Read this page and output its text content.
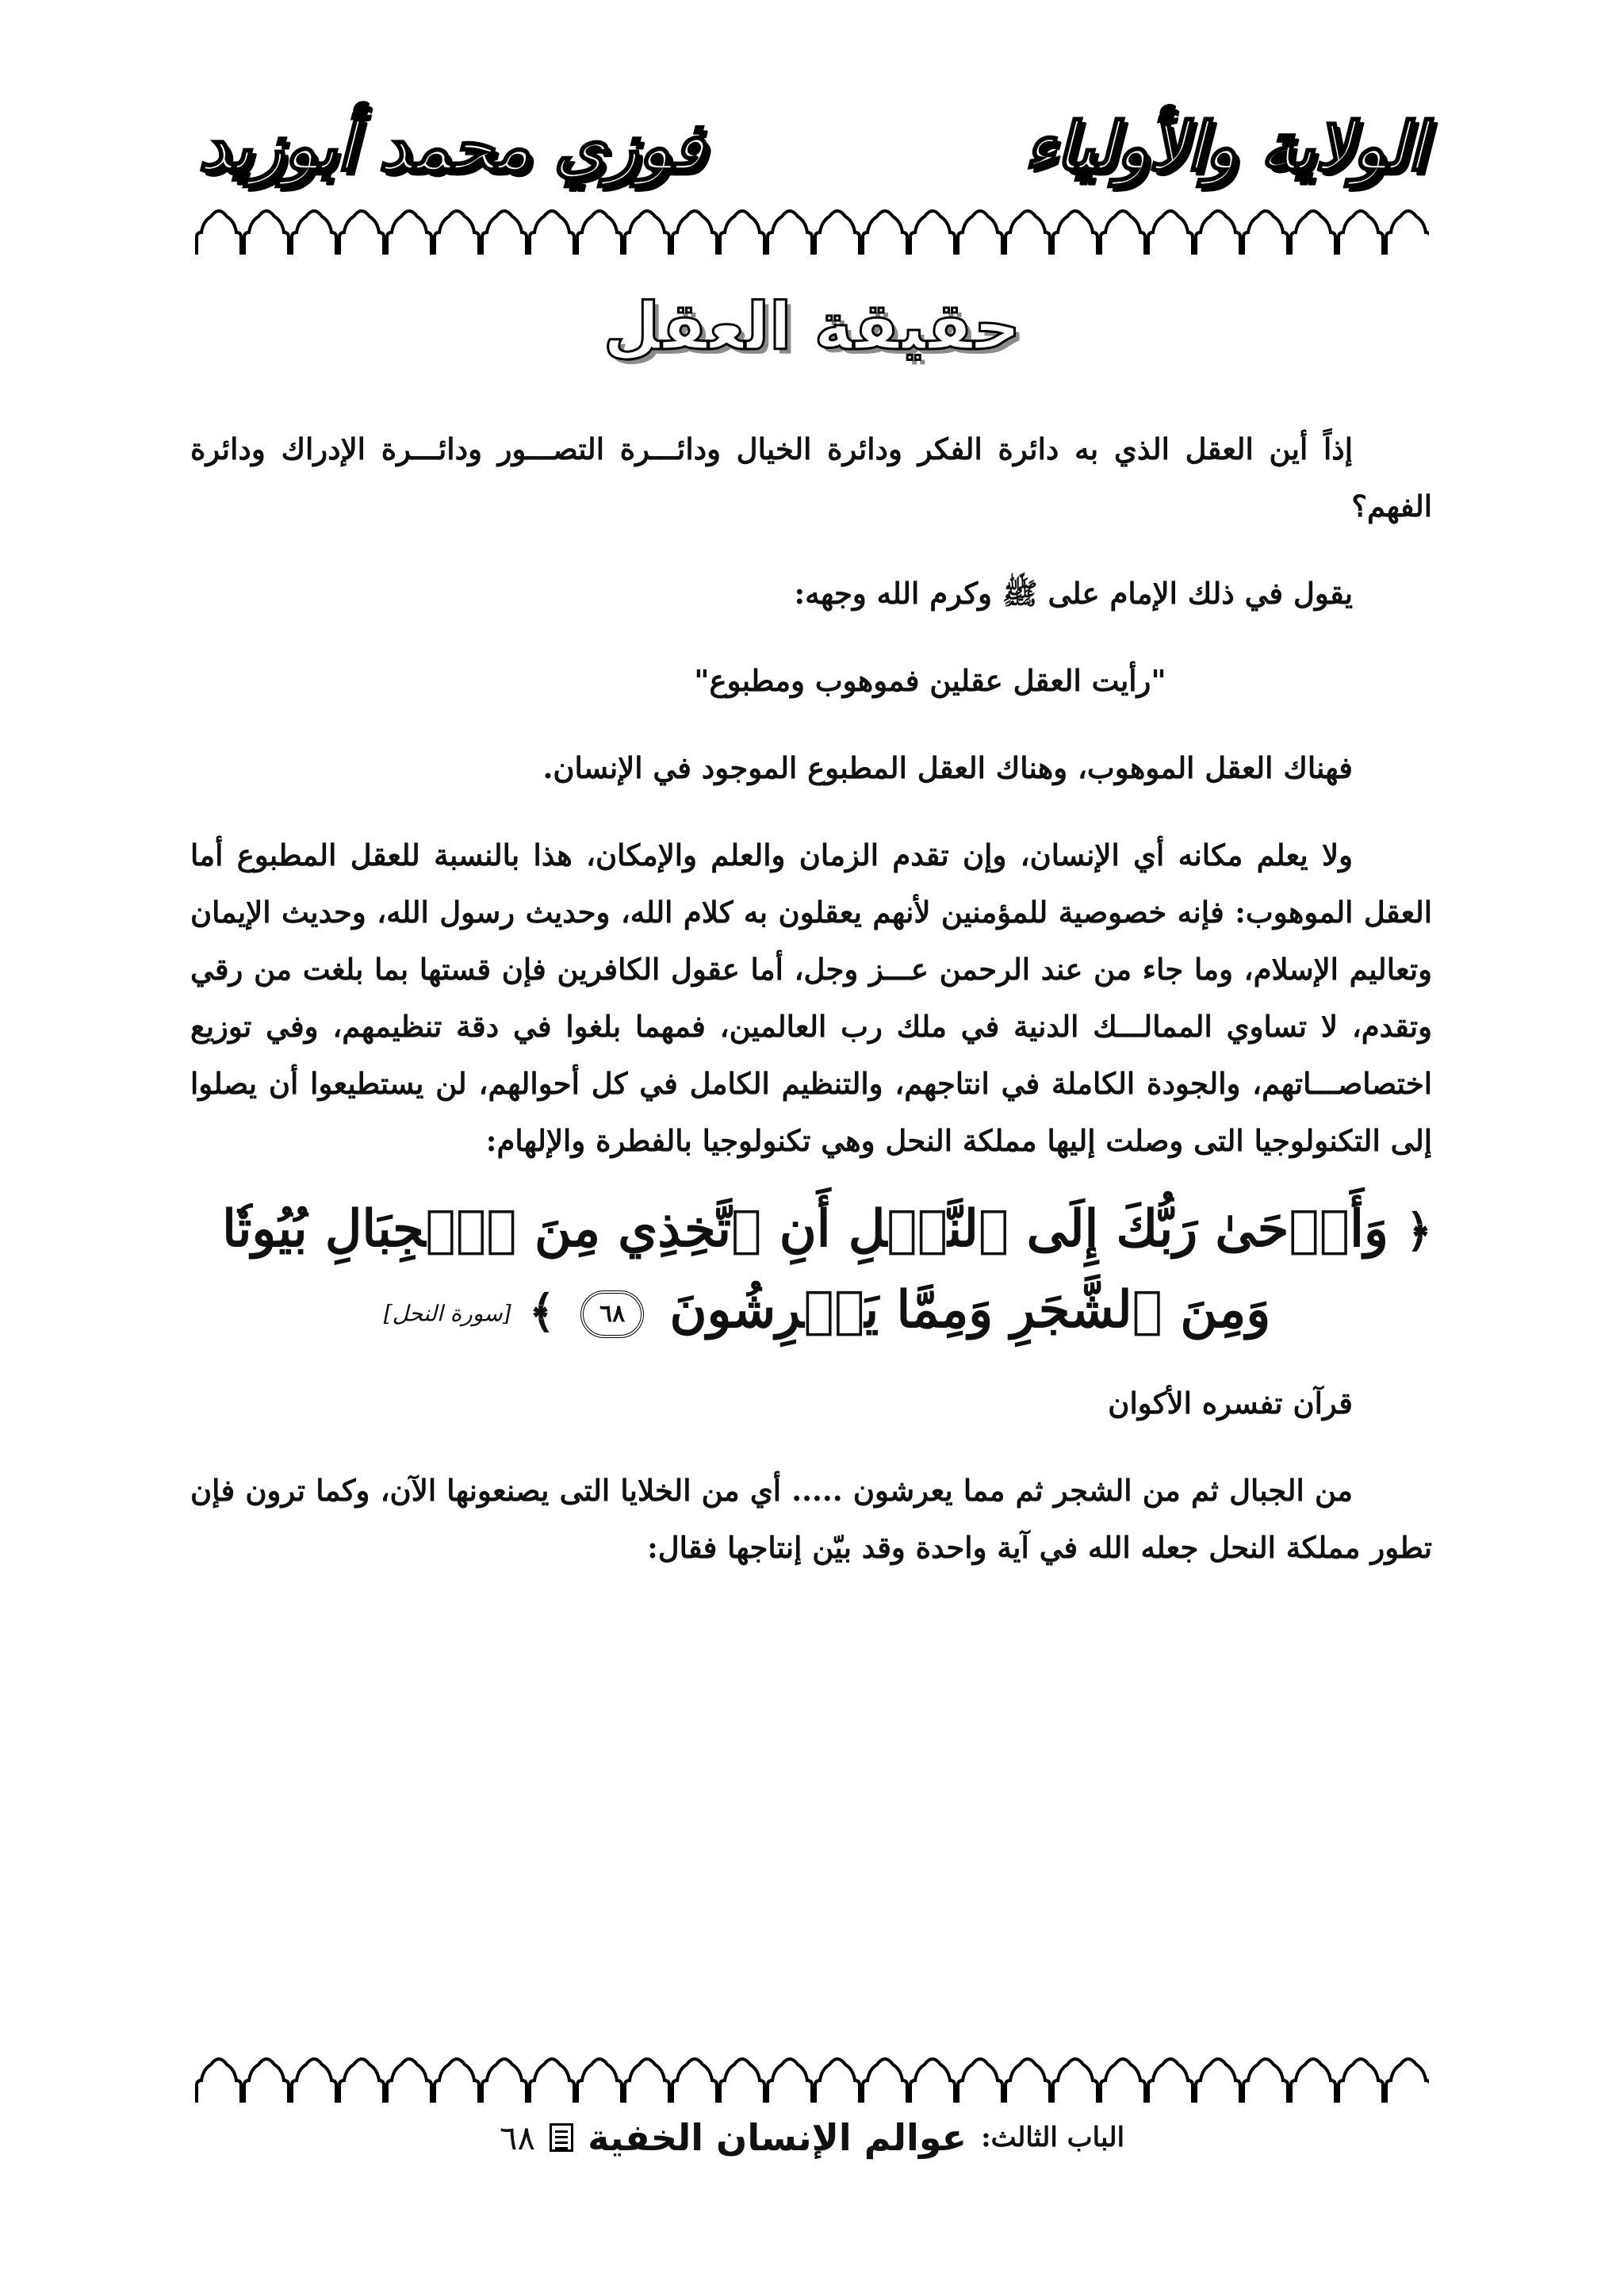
الولاية والأولياء
فوزي محمد أبوزيد
حقيقة العقل

إذاً أين العقل الذي به دائرة الفكر ودائرة الخيال ودائـــرة التصـــور ودائـــرة الإدراك ودائرة الفهم؟

يقول في ذلك الإمام على ﷺ وكرم الله وجهه:

"رأيت العقل عقلين فموهوب ومطبوع"

فهناك العقل الموهوب، وهناك العقل المطبوع الموجود في الإنسان.

ولا يعلم مكانه أي الإنسان، وإن تقدم الزمان والعلم والإمكان، هذا بالنسبة للعقل المطبوع أما العقل الموهوب: فإنه خصوصية للمؤمنين لأنهم يعقلون به كلام الله، وحديث رسول الله، وحديث الإيمان وتعاليم الإسلام، وما جاء من عند الرحمن عـــز وجل، أما عقول الكافرين فإن قستها بما بلغت من رقي وتقدم، لا تساوي الممالـــك الدنية في ملك رب العالمين، فمهما بلغوا في دقة تنظيمهم، وفي توزيع اختصاصـــاتهم، والجودة الكاملة في انتاجهم، والتنظيم الكامل في كل أحوالهم، لن يستطيعوا أن يصلوا إلى التكنولوجيا التى وصلت إليها مملكة النحل وهي تكنولوجيا بالفطرة والإلهام:

﴿ وَأَوۡحَىٰ رَبُّكَ إِلَى ٱلنَّحۡلِ أَنِ ٱتَّخِذِي مِنَ ٱلۡجِبَالِ بُيُوتٗا وَمِنَ ٱلشَّجَرِ وَمِمَّا يَعۡرِشُونَ ٦٨ ﴾ [سورة النحل]

قرآن تفسره الأكوان

من الجبال ثم من الشجر ثم مما يعرشون ..... أي من الخلايا التى يصنعونها الآن، وكما ترون فإن تطور مملكة النحل جعله الله في آية واحدة وقد بيّن إنتاجها فقال:

الباب الثالث:
عوالم الإنسان الخفية
٦٨
